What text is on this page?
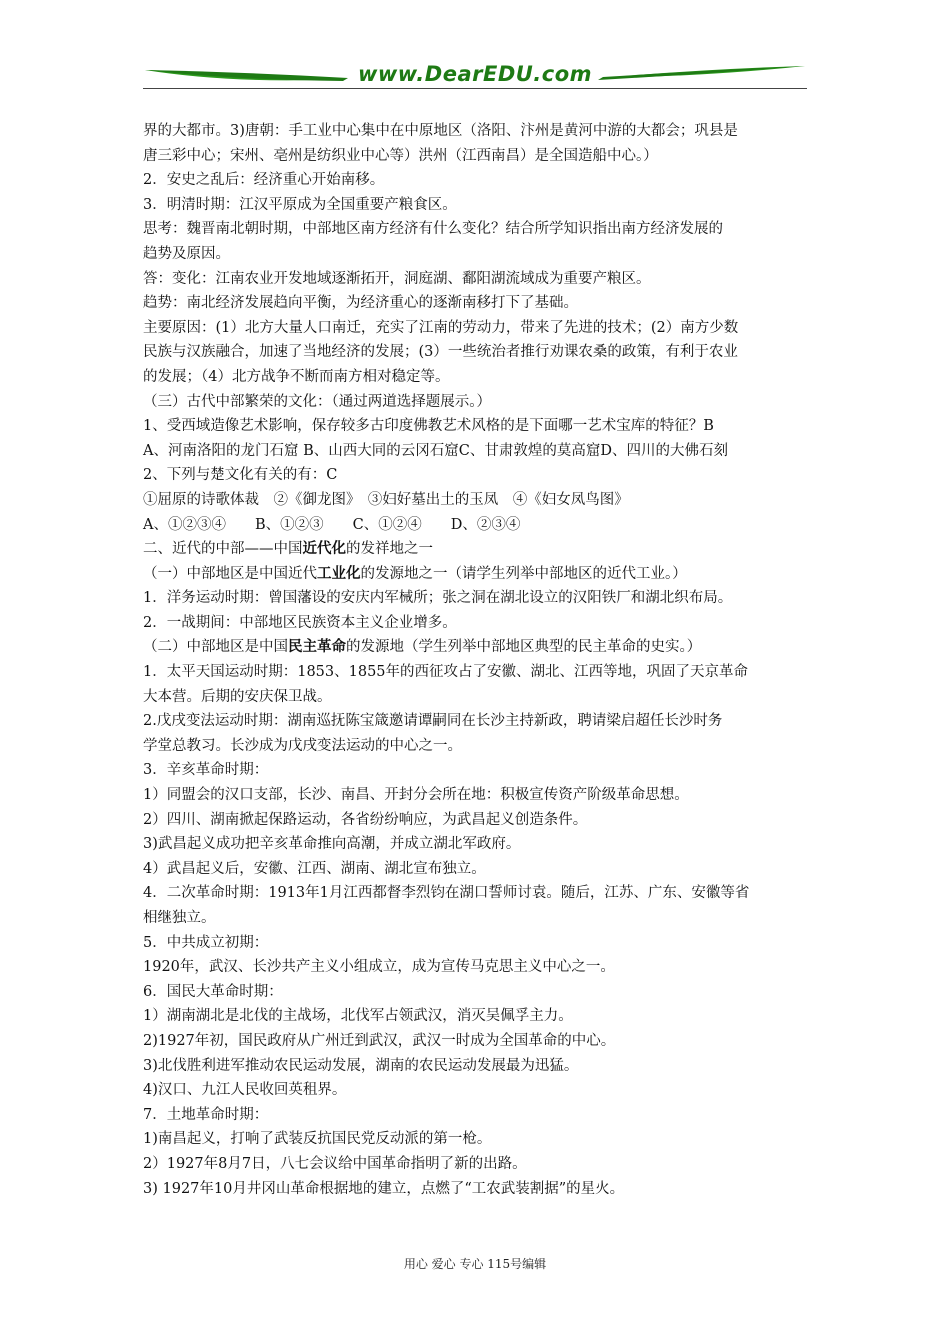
www.DearEDU.com
界的大都市。3)唐朝：手工业中心集中在中原地区（洛阳、汴州是黄河中游的大都会；巩县是
唐三彩中心；宋州、亳州是纺织业中心等）洪州（江西南昌）是全国造船中心。）
2．安史之乱后：经济重心开始南移。
3．明清时期：江汉平原成为全国重要产粮食区。
思考：魏晋南北朝时期，中部地区南方经济有什么变化？结合所学知识指出南方经济发展的
趋势及原因。
答：变化：江南农业开发地域逐渐拓开，洞庭湖、鄱阳湖流域成为重要产粮区。
趋势：南北经济发展趋向平衡，为经济重心的逐渐南移打下了基础。
主要原因：(1）北方大量人口南迁，充实了江南的劳动力，带来了先进的技术；(2）南方少数
民族与汉族融合，加速了当地经济的发展；(3）一些统治者推行劝课农桑的政策，有利于农业
的发展；（4）北方战争不断而南方相对稳定等。
（三）古代中部繁荣的文化：（通过两道选择题展示。）
1、受西域造像艺术影响，保存较多古印度佛教艺术风格的是下面哪一艺术宝库的特征？B
A、河南洛阳的龙门石窟 B、山西大同的云冈石窟C、甘肃敦煌的莫高窟D、四川的大佛石刻
2、下列与楚文化有关的有：C
①屈原的诗歌体裁　②《御龙图》　③妇好墓出土的玉凤　④《妇女凤鸟图》
A、①②③④　　B、①②③　　C、①②④　　D、②③④
二、近代的中部——中国近代化的发祥地之一
（一）中部地区是中国近代工业化的发源地之一（请学生列举中部地区的近代工业。）
1．洋务运动时期：曾国藩设的安庆内军械所；张之洞在湖北设立的汉阳铁厂和湖北织布局。
2．一战期间：中部地区民族资本主义企业增多。
（二）中部地区是中国民主革命的发源地（学生列举中部地区典型的民主革命的史实。）
1．太平天国运动时期：1853、1855年的西征攻占了安徽、湖北、江西等地，巩固了天京革命
大本营。后期的安庆保卫战。
2.戊戌变法运动时期：湖南巡抚陈宝箴邀请谭嗣同在长沙主持新政，聘请梁启超任长沙时务
学堂总教习。长沙成为戊戌变法运动的中心之一。
3．辛亥革命时期：
1）同盟会的汉口支部，长沙、南昌、开封分会所在地：积极宣传资产阶级革命思想。
2）四川、湖南掀起保路运动，各省纷纷响应，为武昌起义创造条件。
3)武昌起义成功把辛亥革命推向高潮，并成立湖北军政府。
4）武昌起义后，安徽、江西、湖南、湖北宣布独立。
4．二次革命时期：1913年1月江西都督李烈钧在湖口誓师讨袁。随后，江苏、广东、安徽等省
相继独立。
5．中共成立初期：
1920年，武汉、长沙共产主义小组成立，成为宣传马克思主义中心之一。
6．国民大革命时期：
1）湖南湖北是北伐的主战场，北伐军占领武汉，消灭吴佩孚主力。
2)1927年初，国民政府从广州迁到武汉，武汉一时成为全国革命的中心。
3)北伐胜利进军推动农民运动发展，湖南的农民运动发展最为迅猛。
4)汉口、九江人民收回英租界。
7．土地革命时期：
1)南昌起义，打响了武装反抗国民党反动派的第一枪。
2）1927年8月7日，八七会议给中国革命指明了新的出路。
3) 1927年10月井冈山革命根据地的建立，点燃了“工农武装割据”的星火。
用心 爱心 专心 115号编辑
